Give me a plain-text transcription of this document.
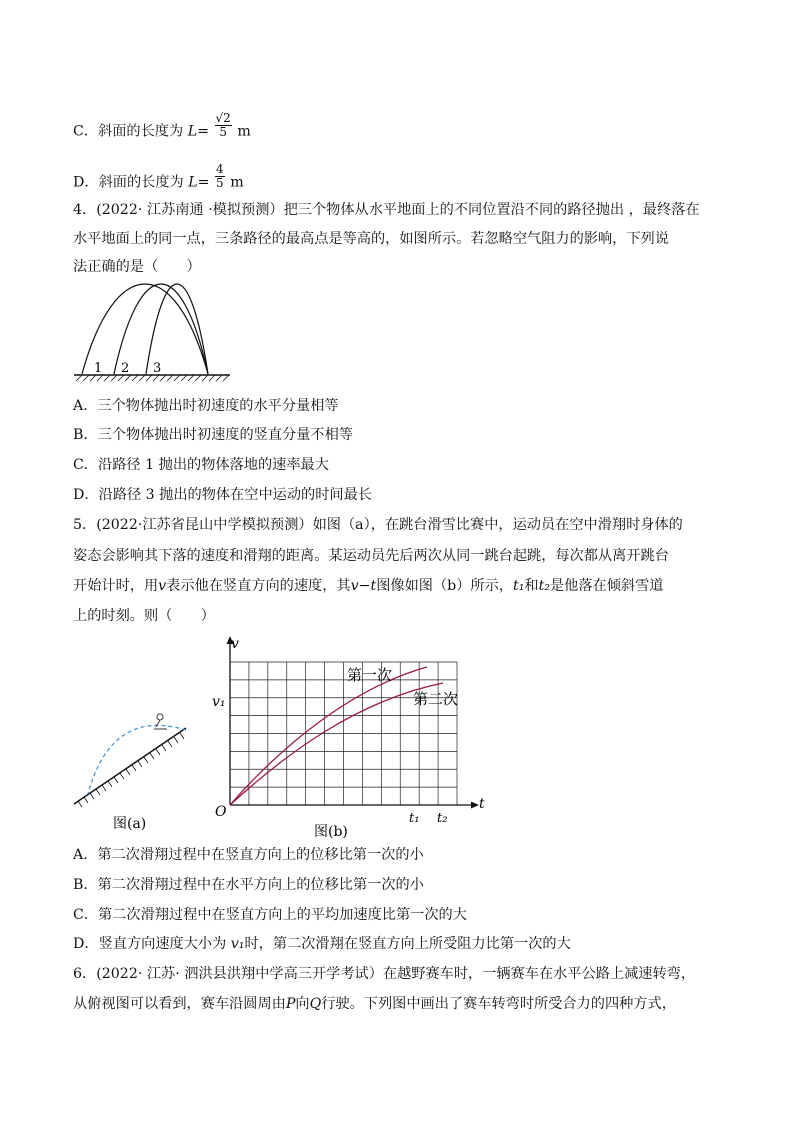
C．斜面的长度为 $L= \frac{√2}{5}$ m
D．斜面的长度为 $L= \frac{4}{5}$ m
4．(2022· 江苏南通 ·模拟预测）把三个物体从水平地面上的不同位置沿不同的路径抛出 ，最终落在
水平地面上的同一点，三条路径的最高点是等高的，如图所示。若忽略空气阻力的影响，下列说
法正确的是（　　）
1 2 3
A．三个物体抛出时初速度的水平分量相等
B．三个物体抛出时初速度的竖直分量不相等
C．沿路径 1 抛出的物体落地的速率最大
D．沿路径 3 抛出的物体在空中运动的时间最长
5．(2022·江苏省昆山中学模拟预测）如图（a），在跳台滑雪比赛中，运动员在空中滑翔时身体的
姿态会影响其下落的速度和滑翔的距离。某运动员先后两次从同一跳台起跳，每次都从离开跳台
开始计时，用v表示他在竖直方向的速度，其v−t图像如图（b）所示，t₁和t₂是他落在倾斜雪道
上的时刻。则（　　）
图(a)
v
t
O
v₁
t₁ t₂
第一次
第二次
图(b)
A．第二次滑翔过程中在竖直方向上的位移比第一次的小
B．第二次滑翔过程中在水平方向上的位移比第一次的小
C．第二次滑翔过程中在竖直方向上的平均加速度比第一次的大
D．竖直方向速度大小为 v₁时，第二次滑翔在竖直方向上所受阻力比第一次的大
6．(2022· 江苏· 泗洪县洪翔中学高三开学考试）在越野赛车时，一辆赛车在水平公路上减速转弯，
从俯视图可以看到，赛车沿圆周由P向Q行驶。下列图中画出了赛车转弯时所受合力的四种方式，
